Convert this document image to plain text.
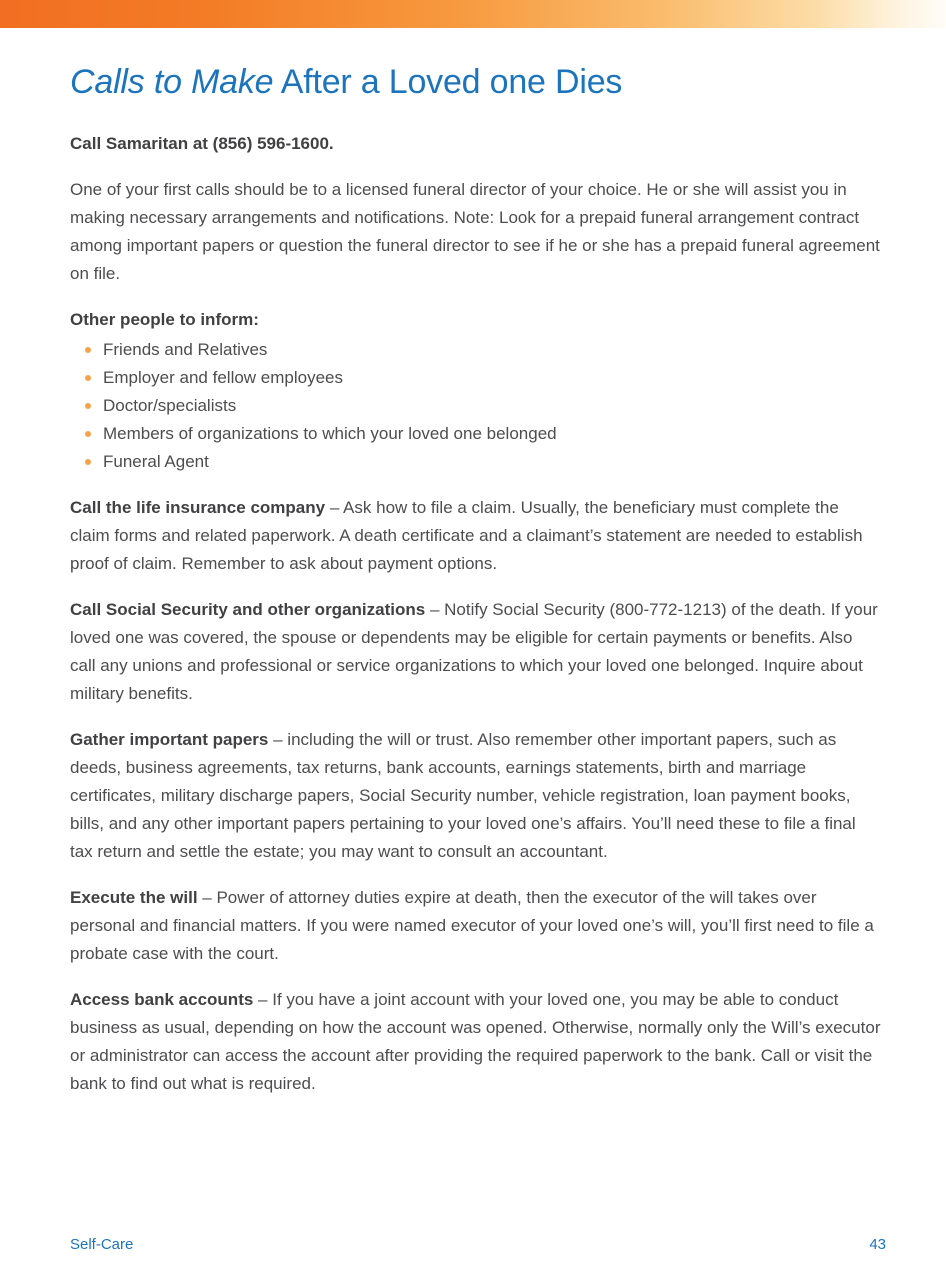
Calls to Make After a Loved one Dies

Call Samaritan at (856) 596-1600.

One of your first calls should be to a licensed funeral director of your choice. He or she will assist you in making necessary arrangements and notifications. Note: Look for a prepaid funeral arrangement contract among important papers or question the funeral director to see if he or she has a prepaid funeral agreement on file.

Other people to inform:

Friends and Relatives
Employer and fellow employees
Doctor/specialists
Members of organizations to which your loved one belonged
Funeral Agent

Call the life insurance company – Ask how to file a claim. Usually, the beneficiary must complete the claim forms and related paperwork. A death certificate and a claimant’s statement are needed to establish proof of claim. Remember to ask about payment options.

Call Social Security and other organizations – Notify Social Security (800-772-1213) of the death. If your loved one was covered, the spouse or dependents may be eligible for certain payments or benefits. Also call any unions and professional or service organizations to which your loved one belonged. Inquire about military benefits.

Gather important papers – including the will or trust. Also remember other important papers, such as deeds, business agreements, tax returns, bank accounts, earnings statements, birth and marriage certificates, military discharge papers, Social Security number, vehicle registration, loan payment books, bills, and any other important papers pertaining to your loved one’s affairs. You’ll need these to file a final tax return and settle the estate; you may want to consult an accountant.

Execute the will – Power of attorney duties expire at death, then the executor of the will takes over personal and financial matters. If you were named executor of your loved one’s will, you’ll first need to file a probate case with the court.

Access bank accounts – If you have a joint account with your loved one, you may be able to conduct business as usual, depending on how the account was opened. Otherwise, normally only the Will’s executor or administrator can access the account after providing the required paperwork to the bank. Call or visit the bank to find out what is required.

Self-Care	43
